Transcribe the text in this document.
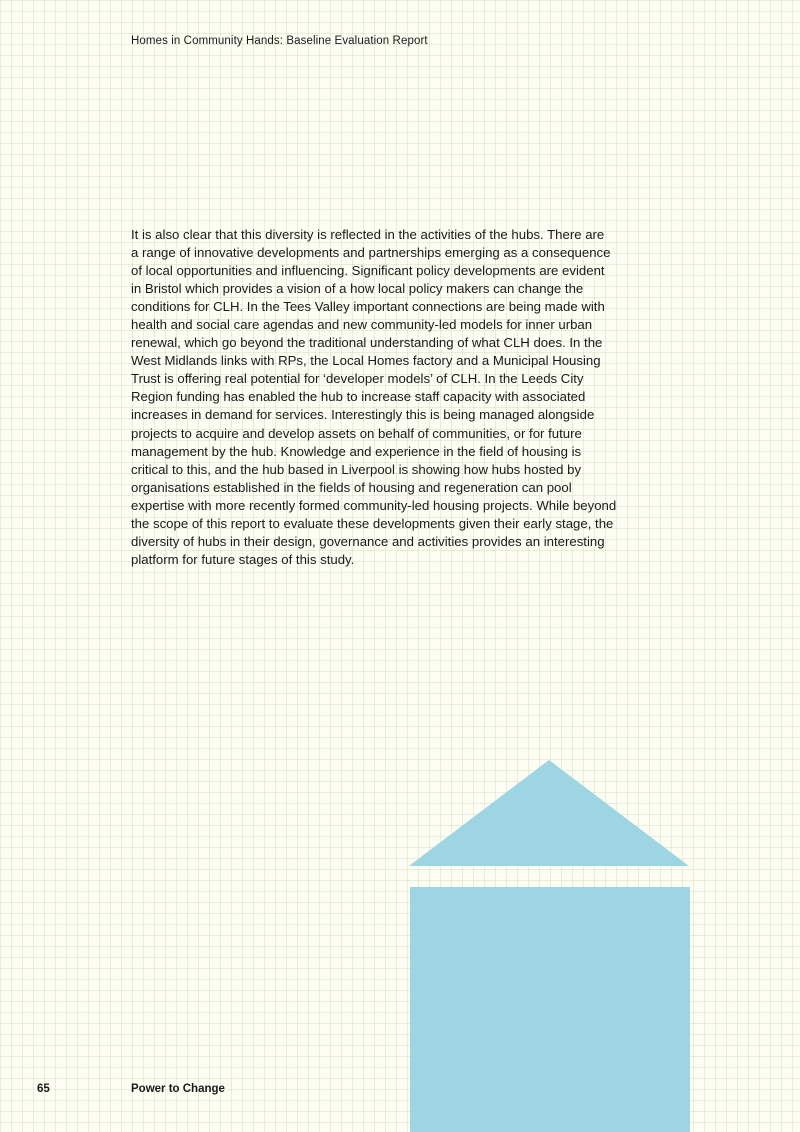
Homes in Community Hands: Baseline Evaluation Report

It is also clear that this diversity is reflected in the activities of the hubs. There are
a range of innovative developments and partnerships emerging as a consequence
of local opportunities and influencing. Significant policy developments are evident
in Bristol which provides a vision of a how local policy makers can change the
conditions for CLH. In the Tees Valley important connections are being made with
health and social care agendas and new community-led models for inner urban
renewal, which go beyond the traditional understanding of what CLH does. In the
West Midlands links with RPs, the Local Homes factory and a Municipal Housing
Trust is offering real potential for ‘developer models’ of CLH. In the Leeds City
Region funding has enabled the hub to increase staff capacity with associated
increases in demand for services. Interestingly this is being managed alongside
projects to acquire and develop assets on behalf of communities, or for future
management by the hub. Knowledge and experience in the field of housing is
critical to this, and the hub based in Liverpool is showing how hubs hosted by
organisations established in the fields of housing and regeneration can pool
expertise with more recently formed community-led housing projects. While beyond
the scope of this report to evaluate these developments given their early stage, the
diversity of hubs in their design, governance and activities provides an interesting
platform for future stages of this study.

65	Power to Change
